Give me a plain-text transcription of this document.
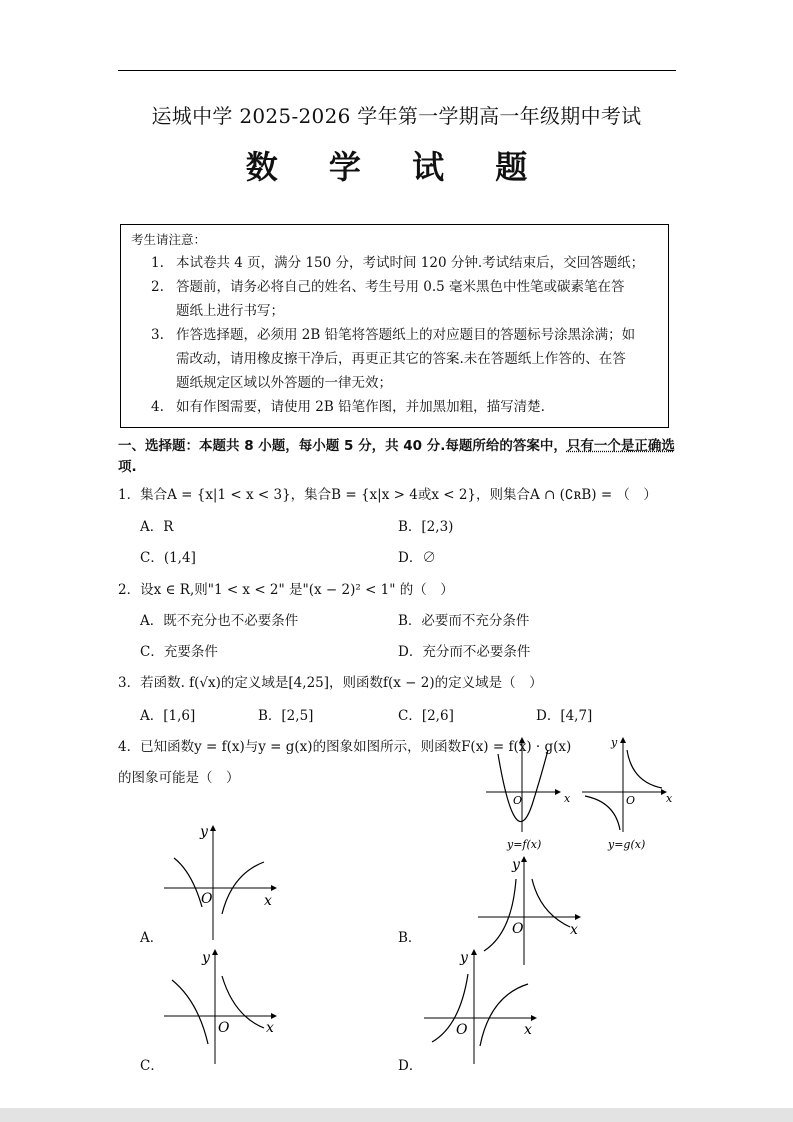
运城中学 2025-2026 学年第一学期高一年级期中考试
数 学 试 题
考生请注意：
1. 本试卷共 4 页，满分 150 分，考试时间 120 分钟.考试结束后，交回答题纸；
2. 答题前，请务必将自己的姓名、考生号用 0.5 毫米黑色中性笔或碳素笔在答
题纸上进行书写；
3. 作答选择题，必须用 2B 铅笔将答题纸上的对应题目的答题标号涂黑涂满；如
需改动，请用橡皮擦干净后，再更正其它的答案.未在答题纸上作答的、在答
题纸规定区域以外答题的一律无效；
4. 如有作图需要，请使用 2B 铅笔作图，并加黑加粗，描写清楚.
一、选择题：本题共 8 小题，每小题 5 分，共 40 分.每题所给的答案中，只有一个是正确选
项.
1．集合A = {x|1 < x < 3}，集合B = {x|x > 4或x < 2}，则集合A ∩ (∁ʀB) = （　）
A．R	B．[2,3)
C．(1,4]	D．∅
2．设x ∈ R,则"1 < x < 2" 是"(x − 2)² < 1" 的（　）
A．既不充分也不必要条件	B．必要而不充分条件
C．充要条件	D．充分而不必要条件
3．若函数. f(√x)的定义域是[4,25]，则函数f(x − 2)的定义域是（　）
A．[1,6]	B．[2,5]	C．[2,6]	D．[4,7]
4．已知函数y = f(x)与y = g(x)的图象如图所示，则函数F(x) = f(x) · g(x)
的图象可能是（　）
O	x
y=f(x)
y
O	x
y=g(x)
A．
y
O	x
B．
y
O	x
C．
y
O	x
D．
y
O	x
